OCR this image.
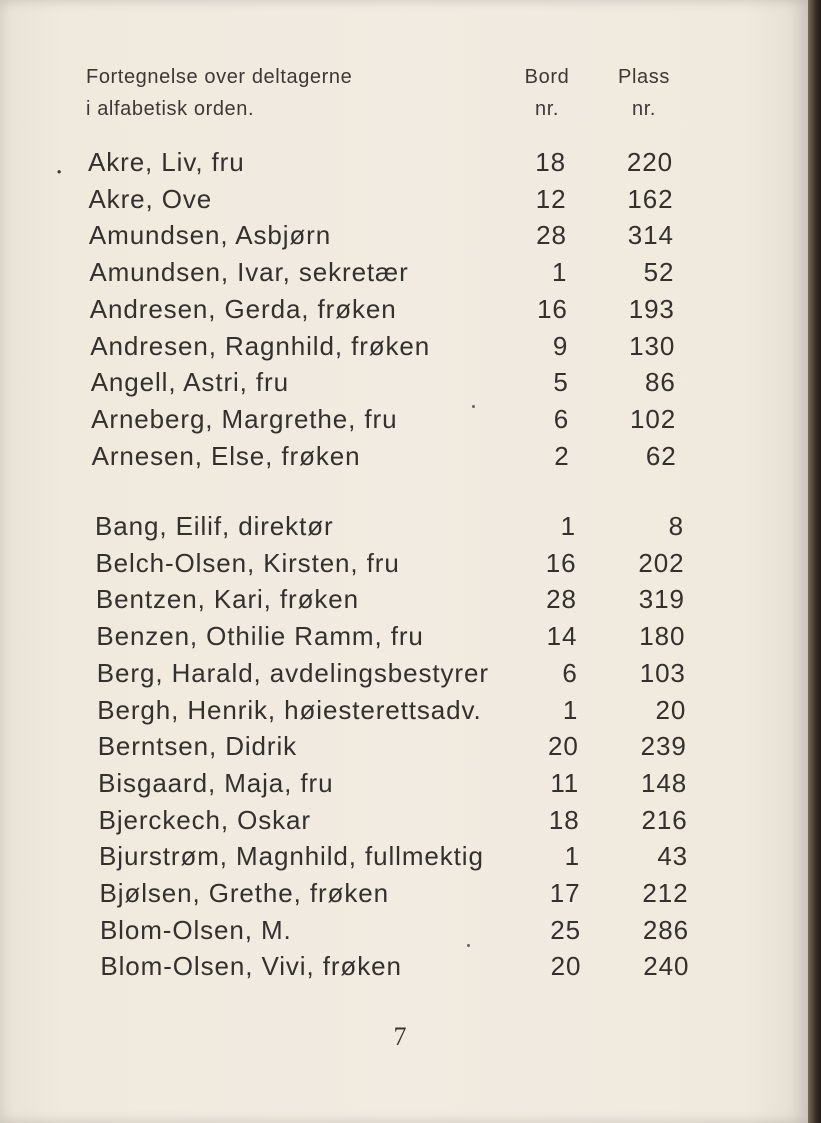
Fortegnelse over deltagerne	Bord	Plass
i alfabetisk orden.	nr.	nr.
. Akre, Liv, fru	18	220
Akre, Ove	12	162
Amundsen, Asbjørn	28	314
Amundsen, Ivar, sekretær	1	52
Andresen, Gerda, frøken	16	193
Andresen, Ragnhild, frøken	9	130
Angell, Astri, fru	5	86
Arneberg, Margrethe, fru	6	102
Arnesen, Else, frøken	2	62
Bang, Eilif, direktør	1	8
Belch-Olsen, Kirsten, fru	16	202
Bentzen, Kari, frøken	28	319
Benzen, Othilie Ramm, fru	14	180
Berg, Harald, avdelingsbestyrer	6	103
Bergh, Henrik, høiesterettsadv.	1	20
Berntsen, Didrik	20	239
Bisgaard, Maja, fru	11	148
Bjerckech, Oskar	18	216
Bjurstrøm, Magnhild, fullmektig	1	43
Bjølsen, Grethe, frøken	17	212
Blom-Olsen, M.	25	286
Blom-Olsen, Vivi, frøken	20	240
7
